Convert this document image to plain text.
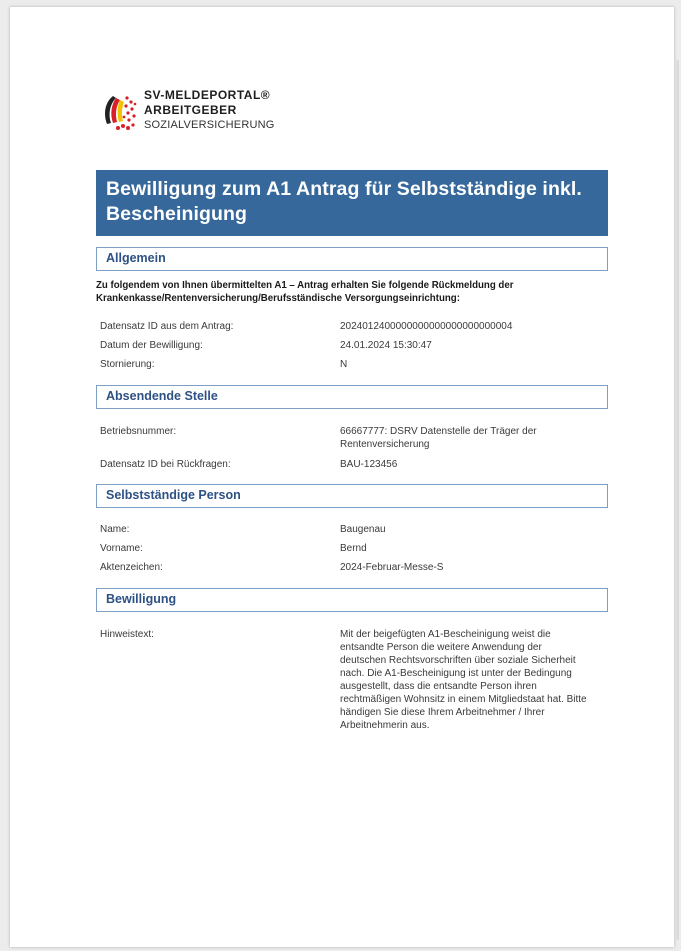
SV-MELDEPORTAL®
ARBEITGEBER
SOZIALVERSICHERUNG
Bewilligung zum A1 Antrag für Selbstständige inkl. Bescheinigung
Allgemein
Zu folgendem von Ihnen übermittelten A1 – Antrag erhalten Sie folgende Rückmeldung der Krankenkasse/Rentenversicherung/Berufsständische Versorgungseinrichtung:
Datensatz ID aus dem Antrag:	2024012400000000000000000000004
Datum der Bewilligung:	24.01.2024 15:30:47
Stornierung:	N
Absendende Stelle
Betriebsnummer:	66667777: DSRV Datenstelle der Träger der Rentenversicherung
Datensatz ID bei Rückfragen:	BAU-123456
Selbstständige Person
Name:	Baugenau
Vorname:	Bernd
Aktenzeichen:	2024-Februar-Messe-S
Bewilligung
Hinweistext:	Mit der beigefügten A1-Bescheinigung weist die entsandte Person die weitere Anwendung der deutschen Rechtsvorschriften über soziale Sicherheit nach. Die A1-Bescheinigung ist unter der Bedingung ausgestellt, dass die entsandte Person ihren rechtmäßigen Wohnsitz in einem Mitgliedstaat hat. Bitte händigen Sie diese Ihrem Arbeitnehmer / Ihrer Arbeitnehmerin aus.
